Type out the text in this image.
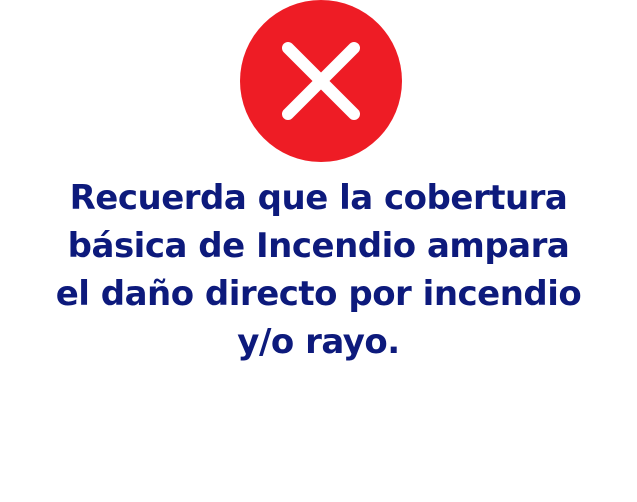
Recuerda que la cobertura
básica de Incendio ampara
el daño directo por incendio
y/o rayo.
